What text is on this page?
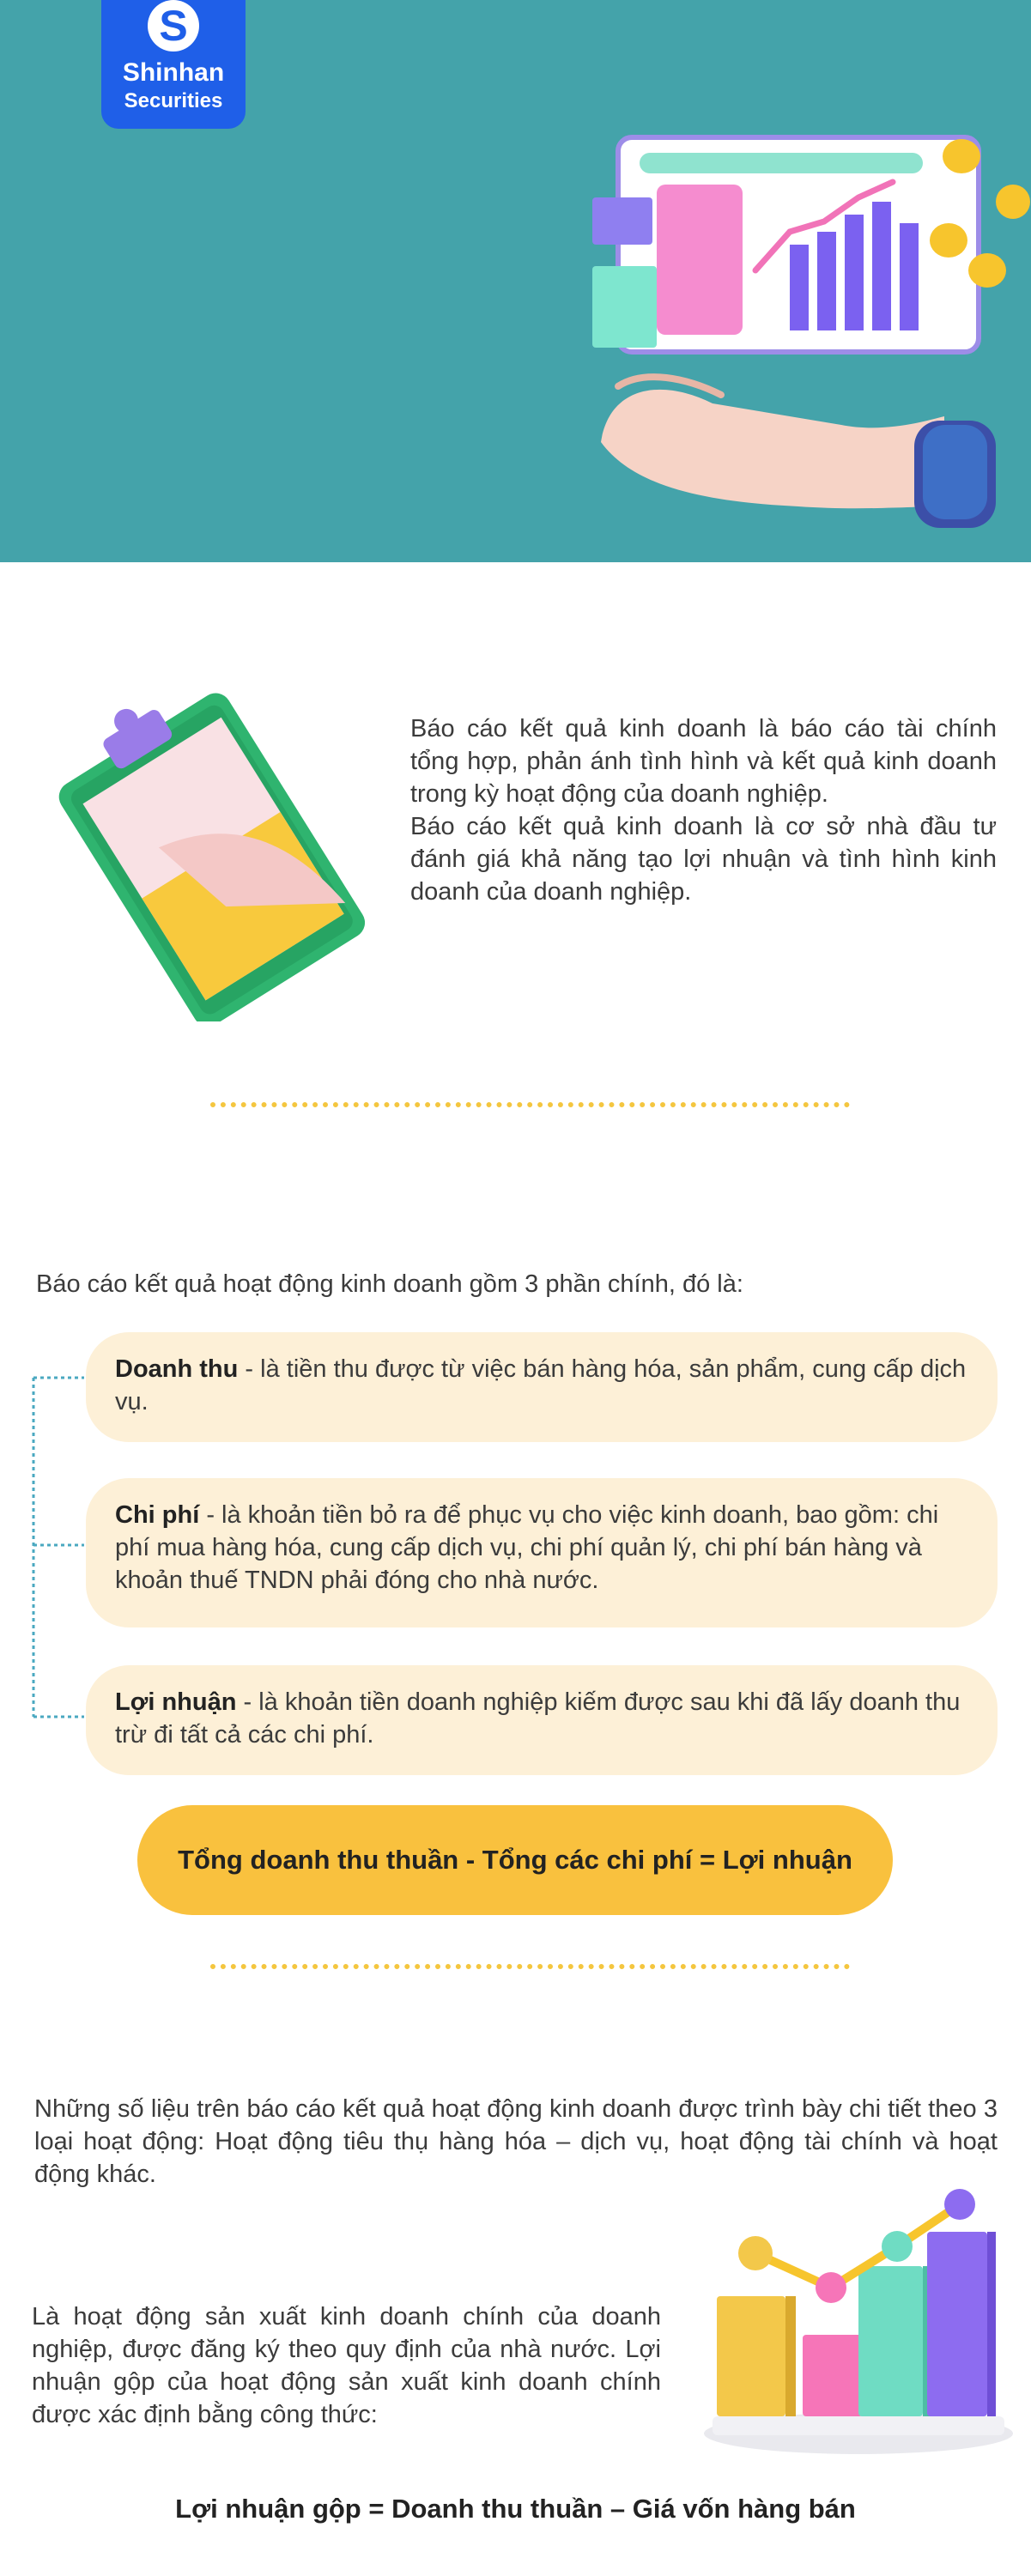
S
Shinhan
Securities
Báo cáo kết quả kinh doanh là báo cáo tài chính tổng hợp, phản ánh tình hình và kết quả kinh doanh trong kỳ hoạt động của doanh nghiệp.
Báo cáo kết quả kinh doanh là cơ sở nhà đầu tư đánh giá khả năng tạo lợi nhuận và tình hình kinh doanh của doanh nghiệp.
Báo cáo kết quả hoạt động kinh doanh gồm 3 phần chính, đó là:
Doanh thu - là tiền thu được từ việc bán hàng hóa, sản phẩm, cung cấp dịch vụ.
Chi phí - là khoản tiền bỏ ra để phục vụ cho việc kinh doanh, bao gồm: chi phí mua hàng hóa, cung cấp dịch vụ, chi phí quản lý, chi phí bán hàng và khoản thuế TNDN phải đóng cho nhà nước.
Lợi nhuận - là khoản tiền doanh nghiệp kiếm được sau khi đã lấy doanh thu trừ đi tất cả các chi phí.
Tổng doanh thu thuần - Tổng các chi phí = Lợi nhuận
Những số liệu trên báo cáo kết quả hoạt động kinh doanh được trình bày chi tiết theo 3 loại hoạt động: Hoạt động tiêu thụ hàng hóa – dịch vụ, hoạt động tài chính và hoạt động khác.
Là hoạt động sản xuất kinh doanh chính của doanh nghiệp, được đăng ký theo quy định của nhà nước. Lợi nhuận gộp của hoạt động sản xuất kinh doanh chính được xác định bằng công thức:
Lợi nhuận gộp = Doanh thu thuần – Giá vốn hàng bán
